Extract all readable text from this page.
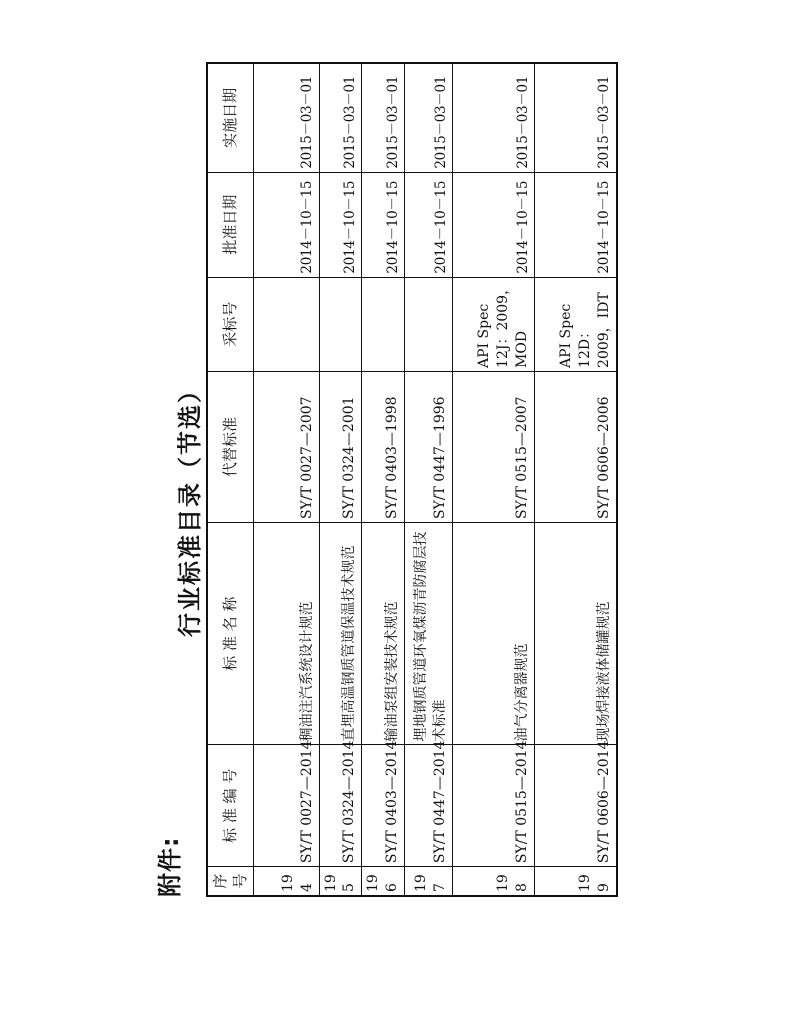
附件:
行业标准目录（节选）
序号	标 准 编 号	标 准 名 称	代替标准	采标号	批准日期	实施日期
194	SY/T 0027—2014	稠油注汽系统设计规范	SY/T 0027—2007		2014－10－15	2015－03－01
195	SY/T 0324—2014	直埋高温钢质管道保温技术规范	SY/T 0324—2001		2014－10－15	2015－03－01
196	SY/T 0403—2014	输油泵组安装技术规范	SY/T 0403—1998		2014－10－15	2015－03－01
197	SY/T 0447—2014	埋地钢质管道环氧煤沥青防腐层技术标准	SY/T 0447—1996		2014－10－15	2015－03－01
198	SY/T 0515—2014	油气分离器规范	SY/T 0515—2007	API Spec 12J：2009，MOD	2014－10－15	2015－03－01
199	SY/T 0606—2014	现场焊接液体储罐规范	SY/T 0606—2006	API Spec 12D：2009，IDT	2014－10－15	2015－03－01
